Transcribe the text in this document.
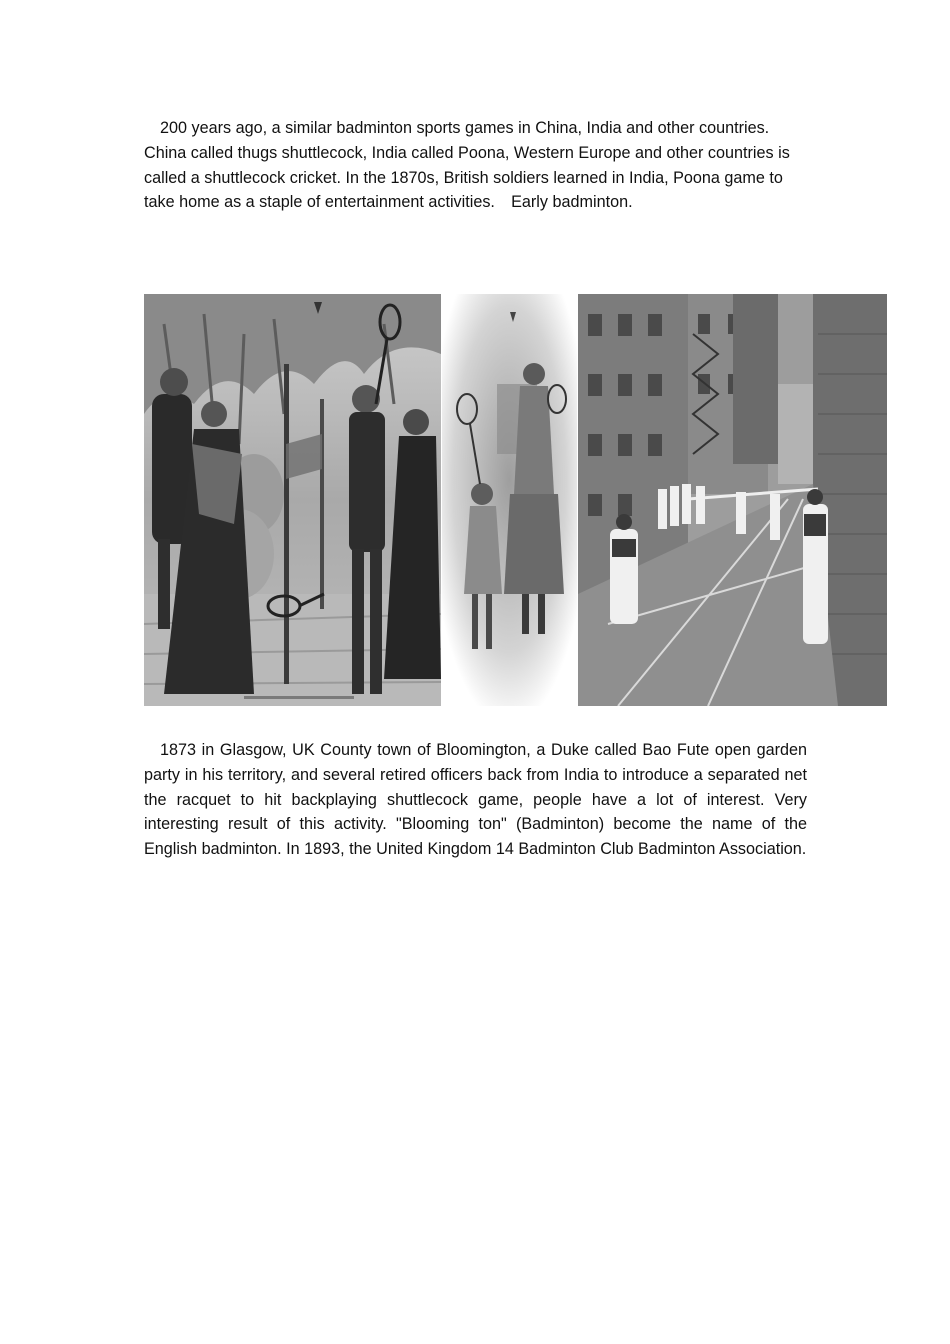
200 years ago, a similar badminton sports games in China, India and other countries. China called thugs shuttlecock, India called Poona, Western Europe and other countries is called a shuttlecock cricket. In the 1870s, British soldiers learned in India, Poona game to take home as a staple of entertainment activities.　Early badminton.

1873 in Glasgow, UK County town of Bloomington, a Duke called Bao Fute open garden party in his territory, and several retired officers back from India to introduce a separated net the racquet to hit backplaying shuttlecock game, people have a lot of interest. Very interesting result of this activity. "Blooming ton" (Badminton) become the name of the English badminton. In 1893, the United Kingdom 14 Badminton Club Badminton Association.
